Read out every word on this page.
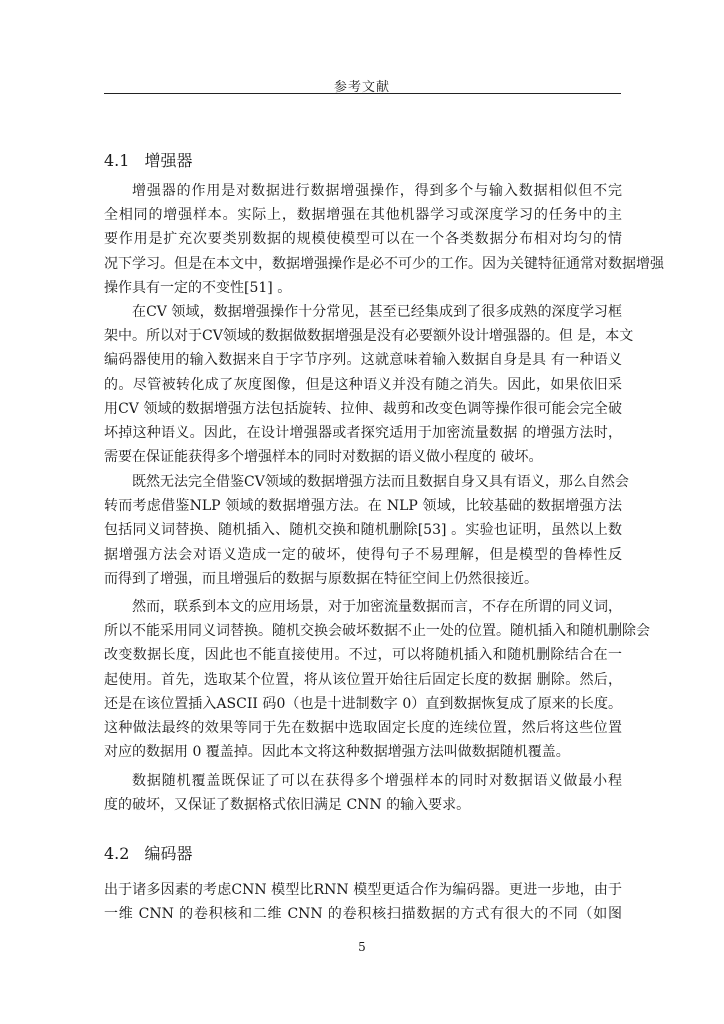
参考文献
4.1 增强器
增强器的作用是对数据进行数据增强操作，得到多个与输入数据相似但不完
全相同的增强样本。实际上，数据增强在其他机器学习或深度学习的任务中的主
要作用是扩充次要类别数据的规模使模型可以在一个各类数据分布相对均匀的情
况下学习。但是在本文中，数据增强操作是必不可少的工作。因为关键特征通常对数据增强
操作具有一定的不变性[51] 。
在CV 领域，数据增强操作十分常见，甚至已经集成到了很多成熟的深度学习框
架中。所以对于CV领域的数据做数据增强是没有必要额外设计增强器的。但 是，本文
编码器使用的输入数据来自于字节序列。这就意味着输入数据自身是具 有一种语义
的。尽管被转化成了灰度图像，但是这种语义并没有随之消失。因此，如果依旧采
用CV 领域的数据增强方法包括旋转、拉伸、裁剪和改变色调等操作很可能会完全破
坏掉这种语义。因此，在设计增强器或者探究适用于加密流量数据 的增强方法时，
需要在保证能获得多个增强样本的同时对数据的语义做小程度的 破坏。
既然无法完全借鉴CV领域的数据增强方法而且数据自身又具有语义，那么自然会
转而考虑借鉴NLP 领域的数据增强方法。在 NLP 领域，比较基础的数据增强方法
包括同义词替换、随机插入、随机交换和随机删除[53] 。实验也证明，虽然以上数
据增强方法会对语义造成一定的破坏，使得句子不易理解，但是模型的鲁棒性反
而得到了增强，而且增强后的数据与原数据在特征空间上仍然很接近。
然而，联系到本文的应用场景，对于加密流量数据而言，不存在所谓的同义词，
所以不能采用同义词替换。随机交换会破坏数据不止一处的位置。随机插入和随机删除会
改变数据长度，因此也不能直接使用。不过，可以将随机插入和随机删除结合在一
起使用。首先，选取某个位置，将从该位置开始往后固定长度的数据 删除。然后，
还是在该位置插入ASCII 码0（也是十进制数字 0）直到数据恢复成了原来的长度。
这种做法最终的效果等同于先在数据中选取固定长度的连续位置，然后将这些位置
对应的数据用 0 覆盖掉。因此本文将这种数据增强方法叫做数据随机覆盖。
数据随机覆盖既保证了可以在获得多个增强样本的同时对数据语义做最小程
度的破坏，又保证了数据格式依旧满足 CNN 的输入要求。
4.2 编码器
出于诸多因素的考虑CNN 模型比RNN 模型更适合作为编码器。更进一步地，由于
一维 CNN 的卷积核和二维 CNN 的卷积核扫描数据的方式有很大的不同（如图
5
